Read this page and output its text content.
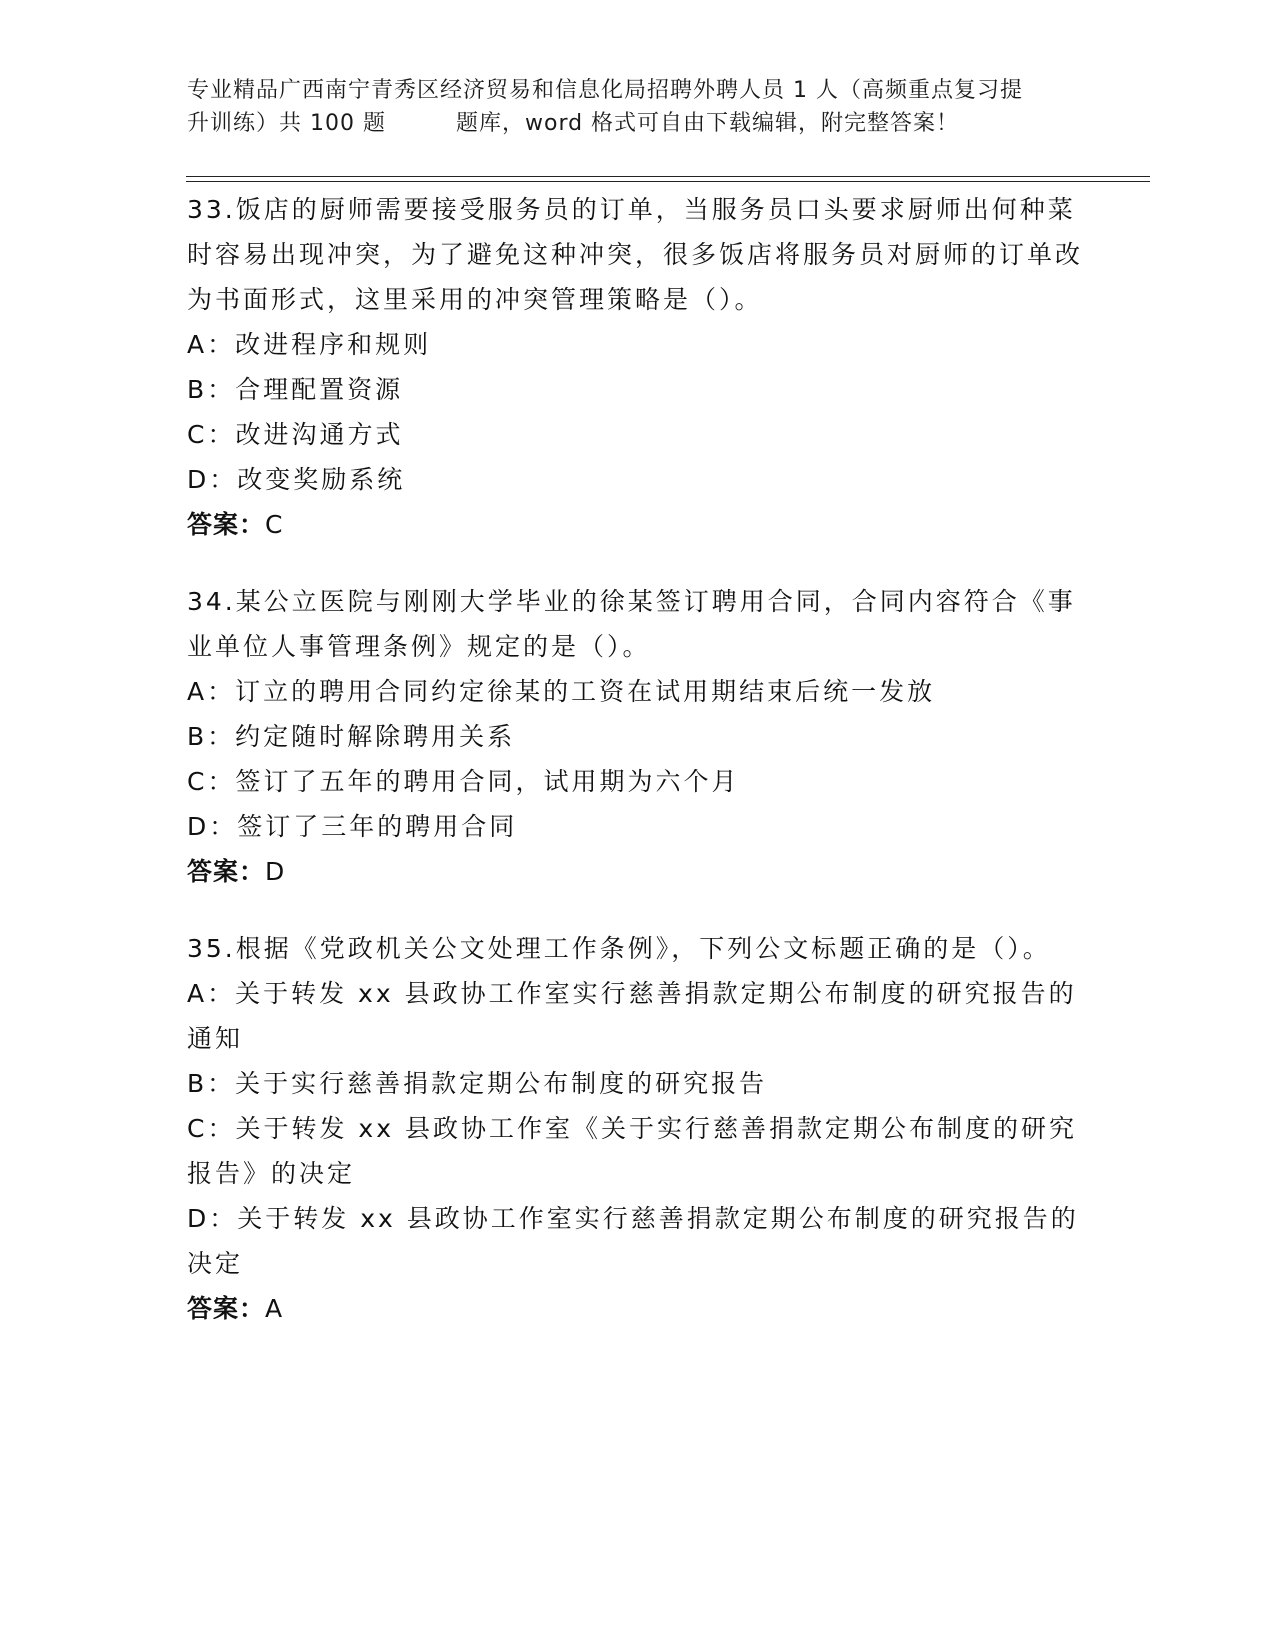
专业精品广西南宁青秀区经济贸易和信息化局招聘外聘人员 1 人（高频重点复习提
升训练）共 100 题	题库，word 格式可自由下载编辑，附完整答案！

33.饭店的厨师需要接受服务员的订单，当服务员口头要求厨师出何种菜时容易出现冲突，为了避免这种冲突，很多饭店将服务员对厨师的订单改为书面形式，这里采用的冲突管理策略是（）。

A：改进程序和规则

B：合理配置资源

C：改进沟通方式

D：改变奖励系统

答案：C

34.某公立医院与刚刚大学毕业的徐某签订聘用合同，合同内容符合《事业单位人事管理条例》规定的是（）。

A：订立的聘用合同约定徐某的工资在试用期结束后统一发放

B：约定随时解除聘用关系

C：签订了五年的聘用合同，试用期为六个月

D：签订了三年的聘用合同

答案：D

35.根据《党政机关公文处理工作条例》，下列公文标题正确的是（）。

A：关于转发 xx 县政协工作室实行慈善捐款定期公布制度的研究报告的通知

B：关于实行慈善捐款定期公布制度的研究报告

C：关于转发 xx 县政协工作室《关于实行慈善捐款定期公布制度的研究报告》的决定

D：关于转发 xx 县政协工作室实行慈善捐款定期公布制度的研究报告的决定

答案：A
